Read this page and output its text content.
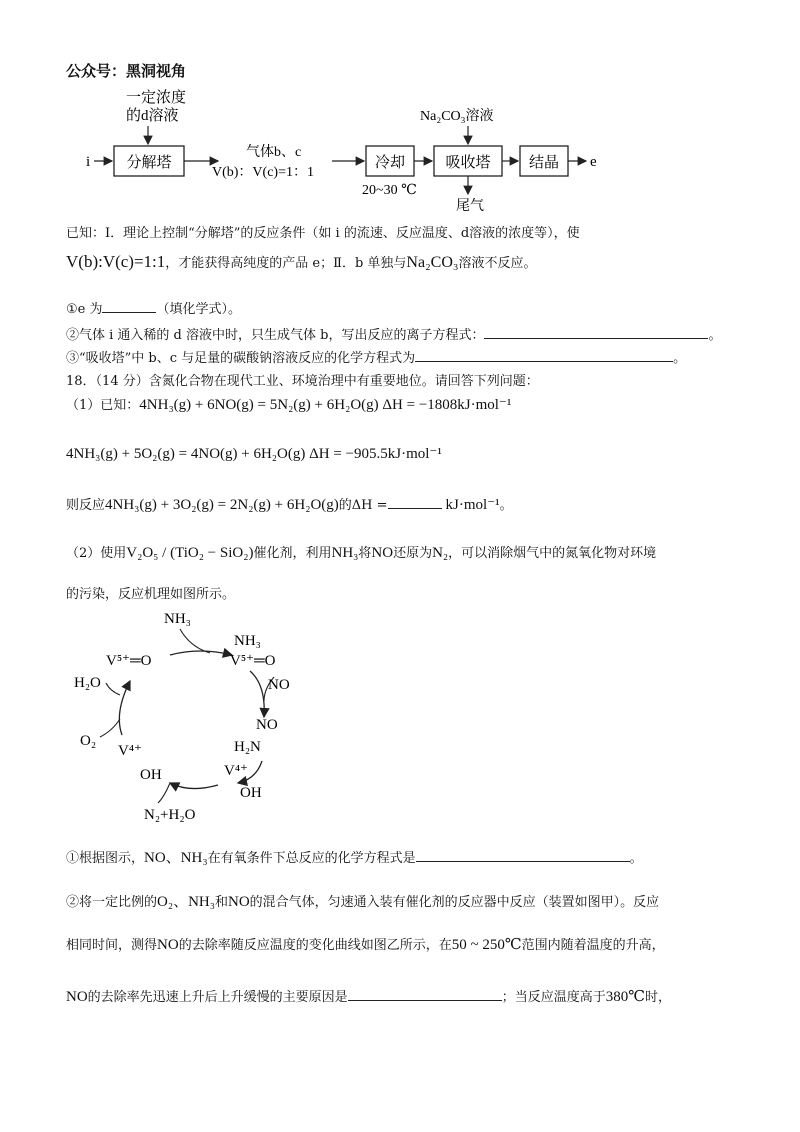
公众号：黑洞视角
一定浓度
的d溶液
i 分解塔
气体b、c
V(b)：V(c)=1：1
冷却
20~30 ℃
Na₂CO₃溶液
吸收塔
尾气
结晶 e
已知：Ⅰ．理论上控制“分解塔”的反应条件（如 i 的流速、反应温度、d溶液的浓度等），使
V(b):V(c)=1:1，才能获得高纯度的产品 e；Ⅱ．b 单独与Na₂CO₃溶液不反应。
①e 为	（填化学式）。
②气体 i 通入稀的 d 溶液中时，只生成气体 b，写出反应的离子方程式：	。
③“吸收塔”中 b、c 与足量的碳酸钠溶液反应的化学方程式为	。
18．（14 分）含氮化合物在现代工业、环境治理中有重要地位。请回答下列问题：
（1）已知：4NH₃(g) + 6NO(g) = 5N₂(g) + 6H₂O(g) ΔH = −1808kJ·mol⁻¹
4NH₃(g) + 5O₂(g) = 4NO(g) + 6H₂O(g) ΔH = −905.5kJ·mol⁻¹
则反应4NH₃(g) + 3O₂(g) = 2N₂(g) + 6H₂O(g)的ΔH =	kJ·mol⁻¹。
（2）使用V₂O₅ / (TiO₂ − SiO₂)催化剂，利用NH₃将NO还原为N₂，可以消除烟气中的氮氧化物对环境
的污染，反应机理如图所示。
NH₃
V⁵⁺═O
NH₃
V⁵⁺═O
NO
NO
H₂N
V⁴⁺
OH
N₂+H₂O
V⁴⁺
OH
O₂
H₂O
①根据图示，NO、NH₃在有氧条件下总反应的化学方程式是	。
②将一定比例的O₂、NH₃和NO的混合气体，匀速通入装有催化剂的反应器中反应（装置如图甲）。反应
相同时间，测得NO的去除率随反应温度的变化曲线如图乙所示，在50 ~ 250℃范围内随着温度的升高，
NO的去除率先迅速上升后上升缓慢的主要原因是	；当反应温度高于380℃时，
